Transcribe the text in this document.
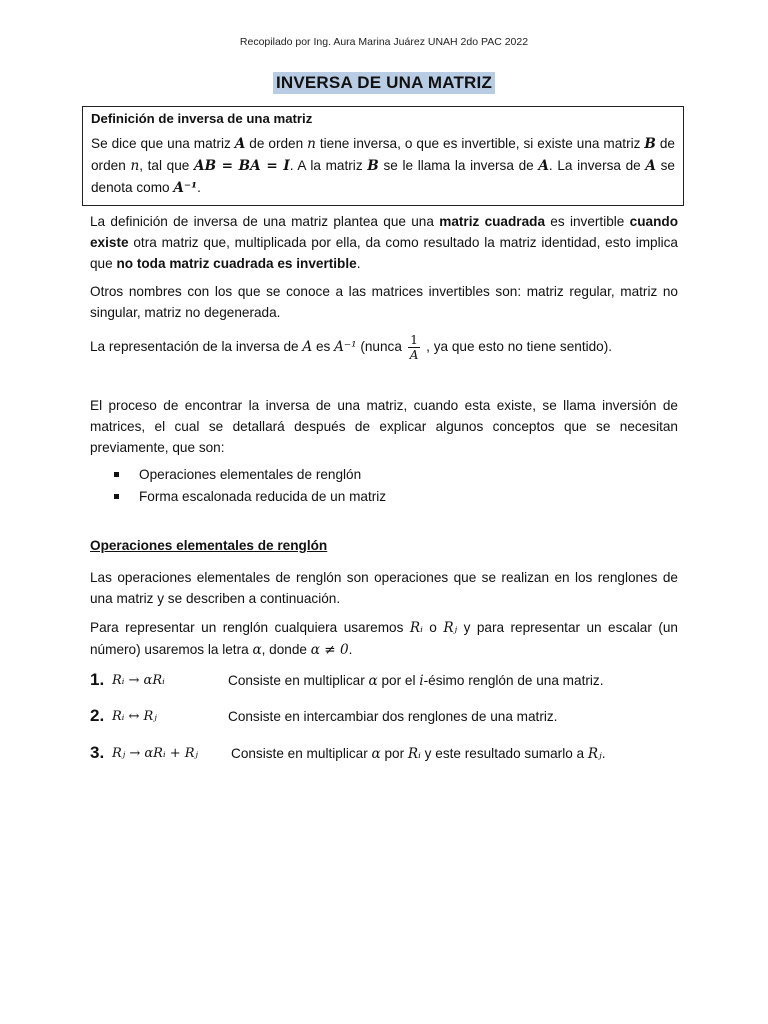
Recopilado por Ing. Aura Marina Juárez UNAH 2do PAC 2022
INVERSA DE UNA MATRIZ
Definición de inversa de una matriz
Se dice que una matriz A de orden n tiene inversa, o que es invertible, si existe una matriz B de orden n, tal que AB = BA = I. A la matriz B se le llama la inversa de A. La inversa de A se denota como A⁻¹.
La definición de inversa de una matriz plantea que una matriz cuadrada es invertible cuando existe otra matriz que, multiplicada por ella, da como resultado la matriz identidad, esto implica que no toda matriz cuadrada es invertible.
Otros nombres con los que se conoce a las matrices invertibles son: matriz regular, matriz no singular, matriz no degenerada.
La representación de la inversa de A es A⁻¹ (nunca $\frac{1}{A}$ , ya que esto no tiene sentido).
El proceso de encontrar la inversa de una matriz, cuando esta existe, se llama inversión de matrices, el cual se detallará después de explicar algunos conceptos que se necesitan previamente, que son:
Operaciones elementales de renglón
Forma escalonada reducida de un matriz
Operaciones elementales de renglón
Las operaciones elementales de renglón son operaciones que se realizan en los renglones de una matriz y se describen a continuación.
Para representar un renglón cualquiera usaremos Rᵢ o Rⱼ y para representar un escalar (un número) usaremos la letra α, donde α ≠ 0.
1. Rᵢ → αRᵢ	Consiste en multiplicar α por el i-ésimo renglón de una matriz.
2. Rᵢ ↔ Rⱼ	Consiste en intercambiar dos renglones de una matriz.
3. Rⱼ → αRᵢ + Rⱼ Consiste en multiplicar α por Rᵢ y este resultado sumarlo a Rⱼ.
